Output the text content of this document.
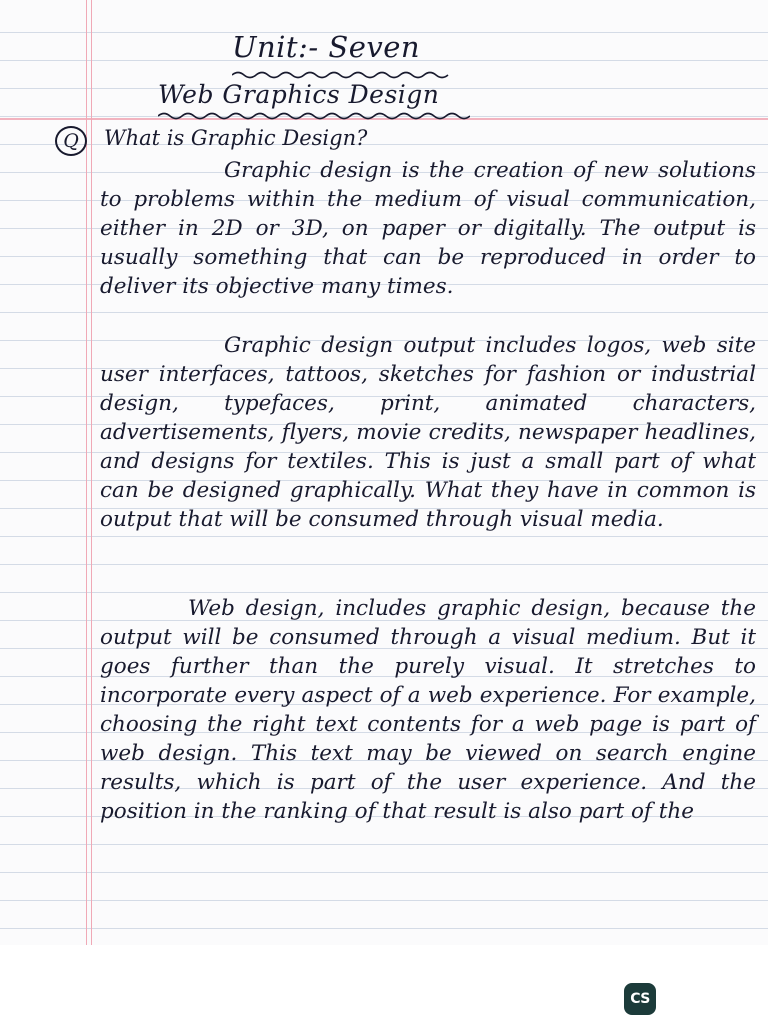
Unit:- Seven
Web Graphics Design
Q	What is Graphic Design?

Graphic design is the creation of new solutions to problems within the medium of visual communication, either in 2D or 3D, on paper or digitally. The output is usually something that can be reproduced in order to deliver its objective many times.

Graphic design output includes logos, web site user interfaces, tattoos, sketches for fashion or industrial design, typefaces, print, animated characters, advertisements, flyers, movie credits, newspaper headlines, and designs for textiles. This is just a small part of what can be designed graphically. What they have in common is output that will be consumed through visual media.

Web design, includes graphic design, because the output will be consumed through a visual medium. But it goes further than the purely visual. It stretches to incorporate every aspect of a web experience. For example, choosing the right text contents for a web page is part of web design. This text may be viewed on search engine results, which is part of the user experience. And the position in the ranking of that result is also part of the

CS
